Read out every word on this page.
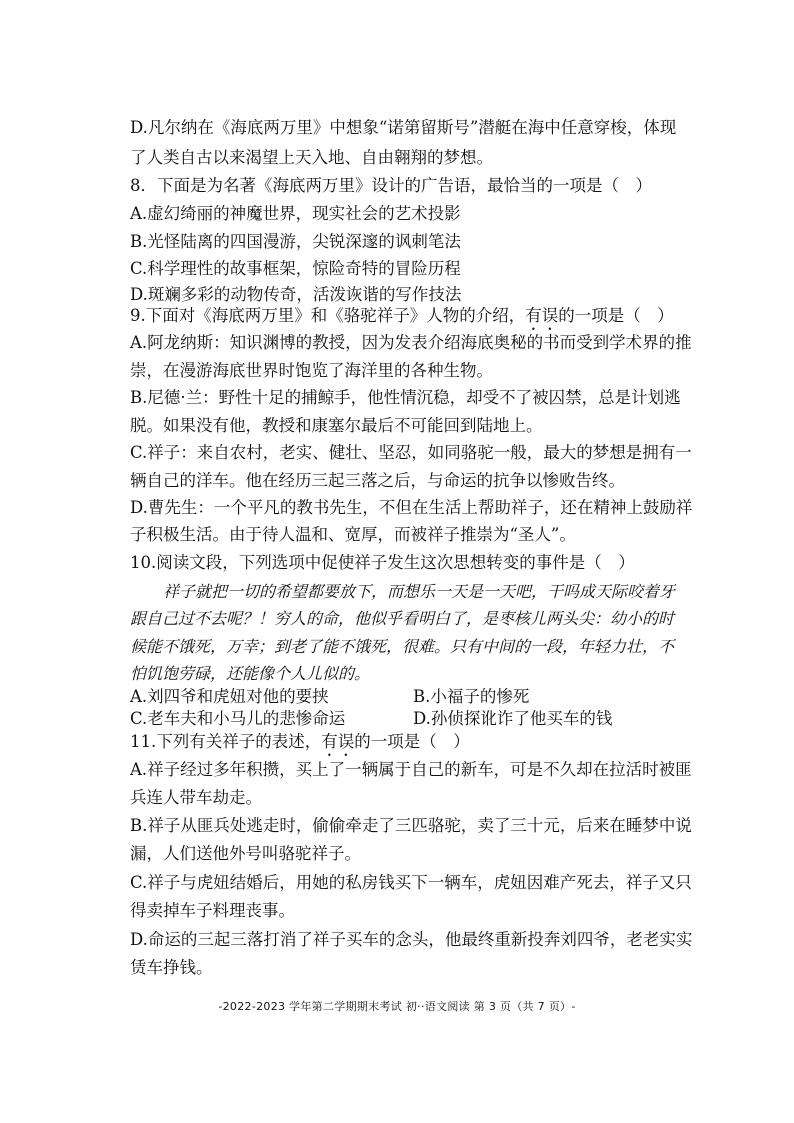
D.凡尔纳在《海底两万里》中想象“诺第留斯号”潜艇在海中任意穿梭，体现
了人类自古以来渴望上天入地、自由翱翔的梦想。
8．下面是为名著《海底两万里》设计的广告语，最恰当的一项是（　）
A.虚幻绮丽的神魔世界，现实社会的艺术投影
B.光怪陆离的四国漫游，尖锐深邃的讽刺笔法
C.科学理性的故事框架，惊险奇特的冒险历程
D.斑斓多彩的动物传奇，活泼诙谐的写作技法
9.下面对《海底两万里》和《骆驼祥子》人物的介绍，有误的一项是（　）
A.阿龙纳斯：知识渊博的教授，因为发表介绍海底奥秘的书而受到学术界的推
崇，在漫游海底世界时饱览了海洋里的各种生物。
B.尼德·兰：野性十足的捕鲸手，他性情沉稳，却受不了被囚禁，总是计划逃
脱。如果没有他，教授和康塞尔最后不可能回到陆地上。
C.祥子：来自农村，老实、健壮、坚忍，如同骆驼一般，最大的梦想是拥有一
辆自己的洋车。他在经历三起三落之后，与命运的抗争以惨败告终。
D.曹先生：一个平凡的教书先生，不但在生活上帮助祥子，还在精神上鼓励祥
子积极生活。由于待人温和、宽厚，而被祥子推崇为“圣人”。
10.阅读文段，下列选项中促使祥子发生这次思想转变的事件是（　）
祥子就把一切的希望都要放下，而想乐一天是一天吧，干吗成天际咬着牙
跟自己过不去呢？！穷人的命，他似乎看明白了，是枣核儿两头尖：幼小的时
候能不饿死，万幸；到老了能不饿死，很难。只有中间的一段，年轻力壮，不
怕饥饱劳碌，还能像个人儿似的。
A.刘四爷和虎妞对他的要挟	B.小福子的惨死
C.老车夫和小马儿的悲惨命运	D.孙侦探讹诈了他买车的钱
11.下列有关祥子的表述，有误的一项是（　）
A.祥子经过多年积攒，买上了一辆属于自己的新车，可是不久却在拉活时被匪
兵连人带车劫走。
B.祥子从匪兵处逃走时，偷偷牵走了三匹骆驼，卖了三十元，后来在睡梦中说
漏，人们送他外号叫骆驼祥子。
C.祥子与虎妞结婚后，用她的私房钱买下一辆车，虎妞因难产死去，祥子又只
得卖掉车子料理丧事。
D.命运的三起三落打消了祥子买车的念头，他最终重新投奔刘四爷，老老实实
赁车挣钱。
-2022-2023 学年第二学期期末考试 初··语文阅读 第 3 页（共 7 页）-
